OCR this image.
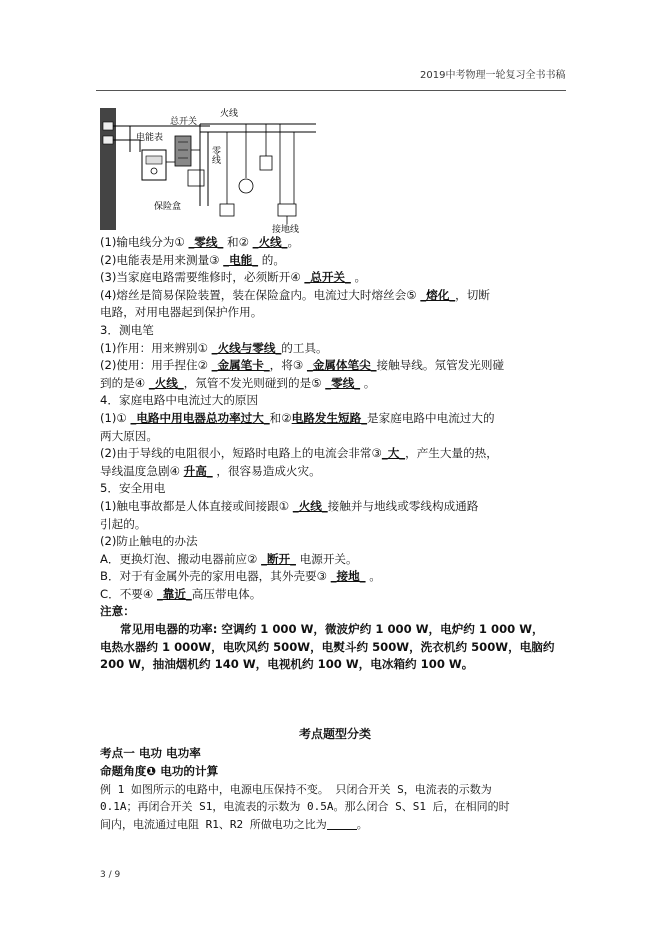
2019中考物理一轮复习全书书稿
电能表
总开关
保险盒
火线
零线
接地线
(1)输电线分为① _零线_ 和② _火线_。
(2)电能表是用来测量③ _电能_ 的。
(3)当家庭电路需要维修时，必须断开④ _总开关_ 。
(4)熔丝是简易保险装置，装在保险盒内。电流过大时熔丝会⑤ _熔化_，切断
电路，对用电器起到保护作用。
3．测电笔
(1)作用：用来辨别① _火线与零线_的工具。
(2)使用：用手捏住② _金属笔卡_，将③ _金属体笔尖_接触导线。氖管发光则碰
到的是④ _火线_，氖管不发光则碰到的是⑤ _零线_ 。
4．家庭电路中电流过大的原因
(1)① _电路中用电器总功率过大_和②电路发生短路_是家庭电路中电流过大的
两大原因。
(2)由于导线的电阻很小，短路时电路上的电流会非常③_大_，产生大量的热，
导线温度急剧④ 升高_ ，很容易造成火灾。
5．安全用电
(1)触电事故都是人体直接或间接跟① _火线_接触并与地线或零线构成通路
引起的。
(2)防止触电的办法
A．更换灯泡、搬动电器前应② _断开_ 电源开关。
B．对于有金属外壳的家用电器，其外壳要③ _接地_ 。
C．不要④ _靠近_高压带电体。
注意：
常见用电器的功率: 空调约 1 000 W，微波炉约 1 000 W，电炉约 1 000 W，
电热水器约 1 000W，电吹风约 500W，电熨斗约 500W，洗衣机约 500W，电脑约
200 W，抽油烟机约 140 W，电视机约 100 W，电冰箱约 100 W。
考点题型分类
考点一 电功 电功率
命题角度❶ 电功的计算
例 1 如图所示的电路中，电源电压保持不变。 只闭合开关 S，电流表的示数为
0.1A；再闭合开关 S1，电流表的示数为 0.5A。那么闭合 S、S1 后，在相同的时
间内，电流通过电阻 R1、R2 所做电功之比为	。
3 / 9
